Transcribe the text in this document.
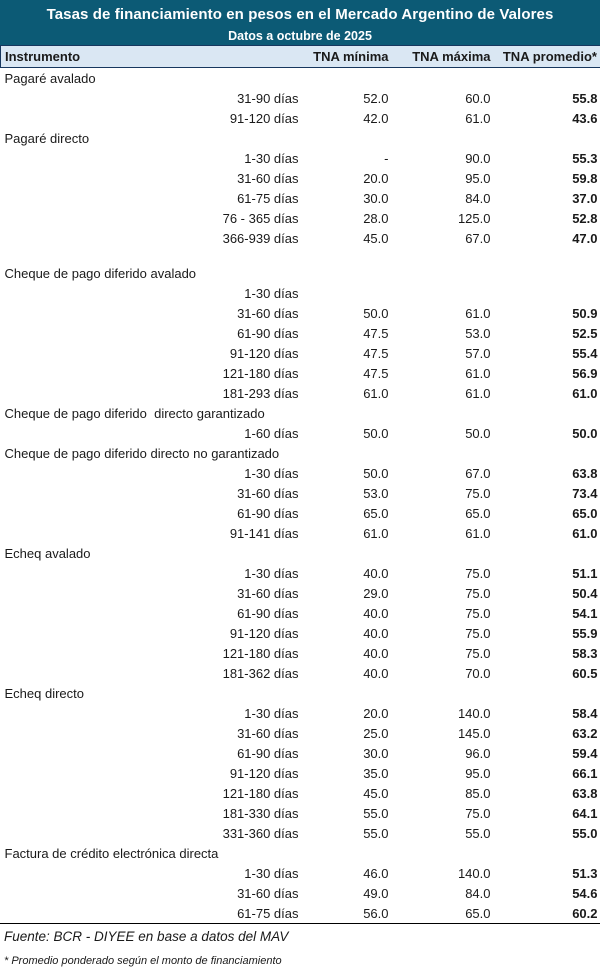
Tasas de financiamiento en pesos en el Mercado Argentino de Valores
Datos a octubre de 2025
Instrumento	TNA mínima	TNA máxima	TNA promedio*
Pagaré avalado			
31-90 días	52.0	60.0	55.8
91-120 días	42.0	61.0	43.6
Pagaré directo			
1-30 días	-	90.0	55.3
31-60 días	20.0	95.0	59.8
61-75 días	30.0	84.0	37.0
76 - 365 días	28.0	125.0	52.8
366-939 días	45.0	67.0	47.0

Cheque de pago diferido avalado			
1-30 días			
31-60 días	50.0	61.0	50.9
61-90 días	47.5	53.0	52.5
91-120 días	47.5	57.0	55.4
121-180 días	47.5	61.0	56.9
181-293 días	61.0	61.0	61.0
Cheque de pago diferido  directo garantizado			
1-60 días	50.0	50.0	50.0
Cheque de pago diferido directo no garantizado			
1-30 días	50.0	67.0	63.8
31-60 días	53.0	75.0	73.4
61-90 días	65.0	65.0	65.0
91-141 días	61.0	61.0	61.0
Echeq avalado			
1-30 días	40.0	75.0	51.1
31-60 días	29.0	75.0	50.4
61-90 días	40.0	75.0	54.1
91-120 días	40.0	75.0	55.9
121-180 días	40.0	75.0	58.3
181-362 días	40.0	70.0	60.5
Echeq directo			
1-30 días	20.0	140.0	58.4
31-60 días	25.0	145.0	63.2
61-90 días	30.0	96.0	59.4
91-120 días	35.0	95.0	66.1
121-180 días	45.0	85.0	63.8
181-330 días	55.0	75.0	64.1
331-360 días	55.0	55.0	55.0
Factura de crédito electrónica directa			
1-30 días	46.0	140.0	51.3
31-60 días	49.0	84.0	54.6
61-75 días	56.0	65.0	60.2
Fuente: BCR - DIYEE en base a datos del MAV
* Promedio ponderado según el monto de financiamiento
